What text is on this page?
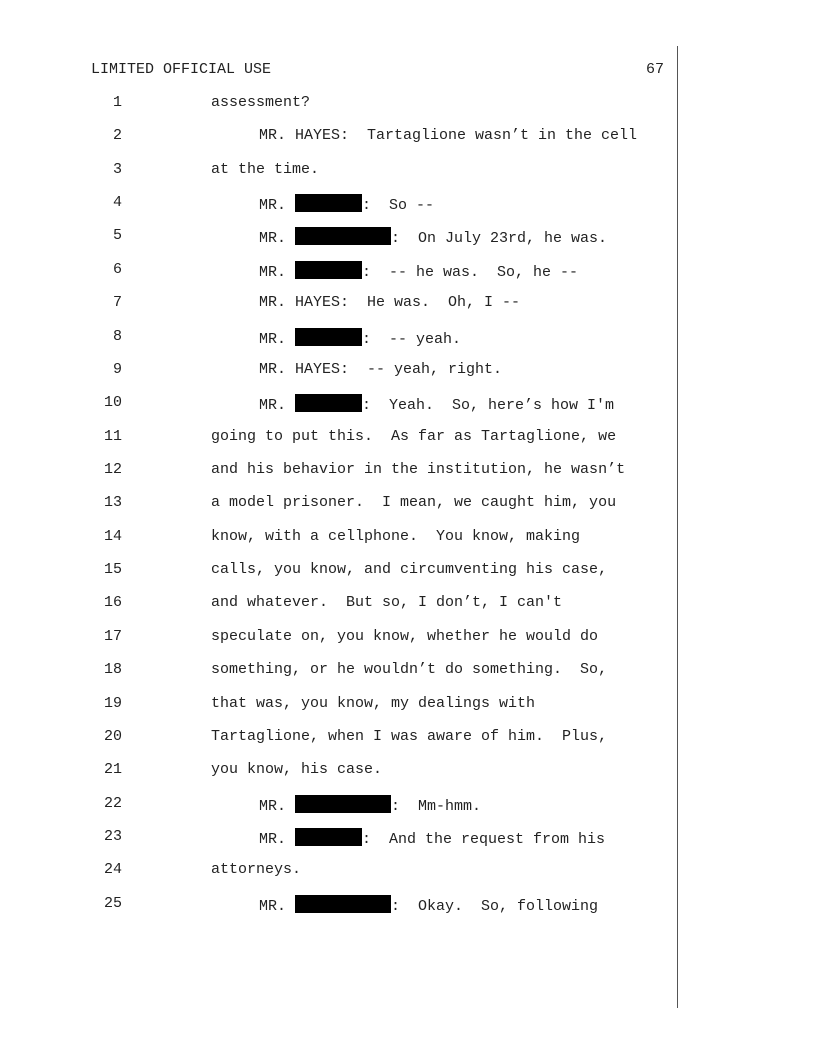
LIMITED OFFICIAL USE	67
1	assessment?
2	MR. HAYES:  Tartaglione wasn’t in the cell
3	at the time.
4	MR.	:  So --
5	MR.	:  On July 23rd, he was.
6	MR.	:  -- he was.  So, he --
7	MR. HAYES:  He was.  Oh, I --
8	MR.	:  -- yeah.
9	MR. HAYES:  -- yeah, right.
10	MR.	:  Yeah.  So, here’s how I'm
11	going to put this.  As far as Tartaglione, we
12	and his behavior in the institution, he wasn’t
13	a model prisoner.  I mean, we caught him, you
14	know, with a cellphone.  You know, making
15	calls, you know, and circumventing his case,
16	and whatever.  But so, I don’t, I can't
17	speculate on, you know, whether he would do
18	something, or he wouldn’t do something.  So,
19	that was, you know, my dealings with
20	Tartaglione, when I was aware of him.  Plus,
21	you know, his case.
22	MR.	:  Mm-hmm.
23	MR.	:  And the request from his
24	attorneys.
25	MR.	:  Okay.  So, following
